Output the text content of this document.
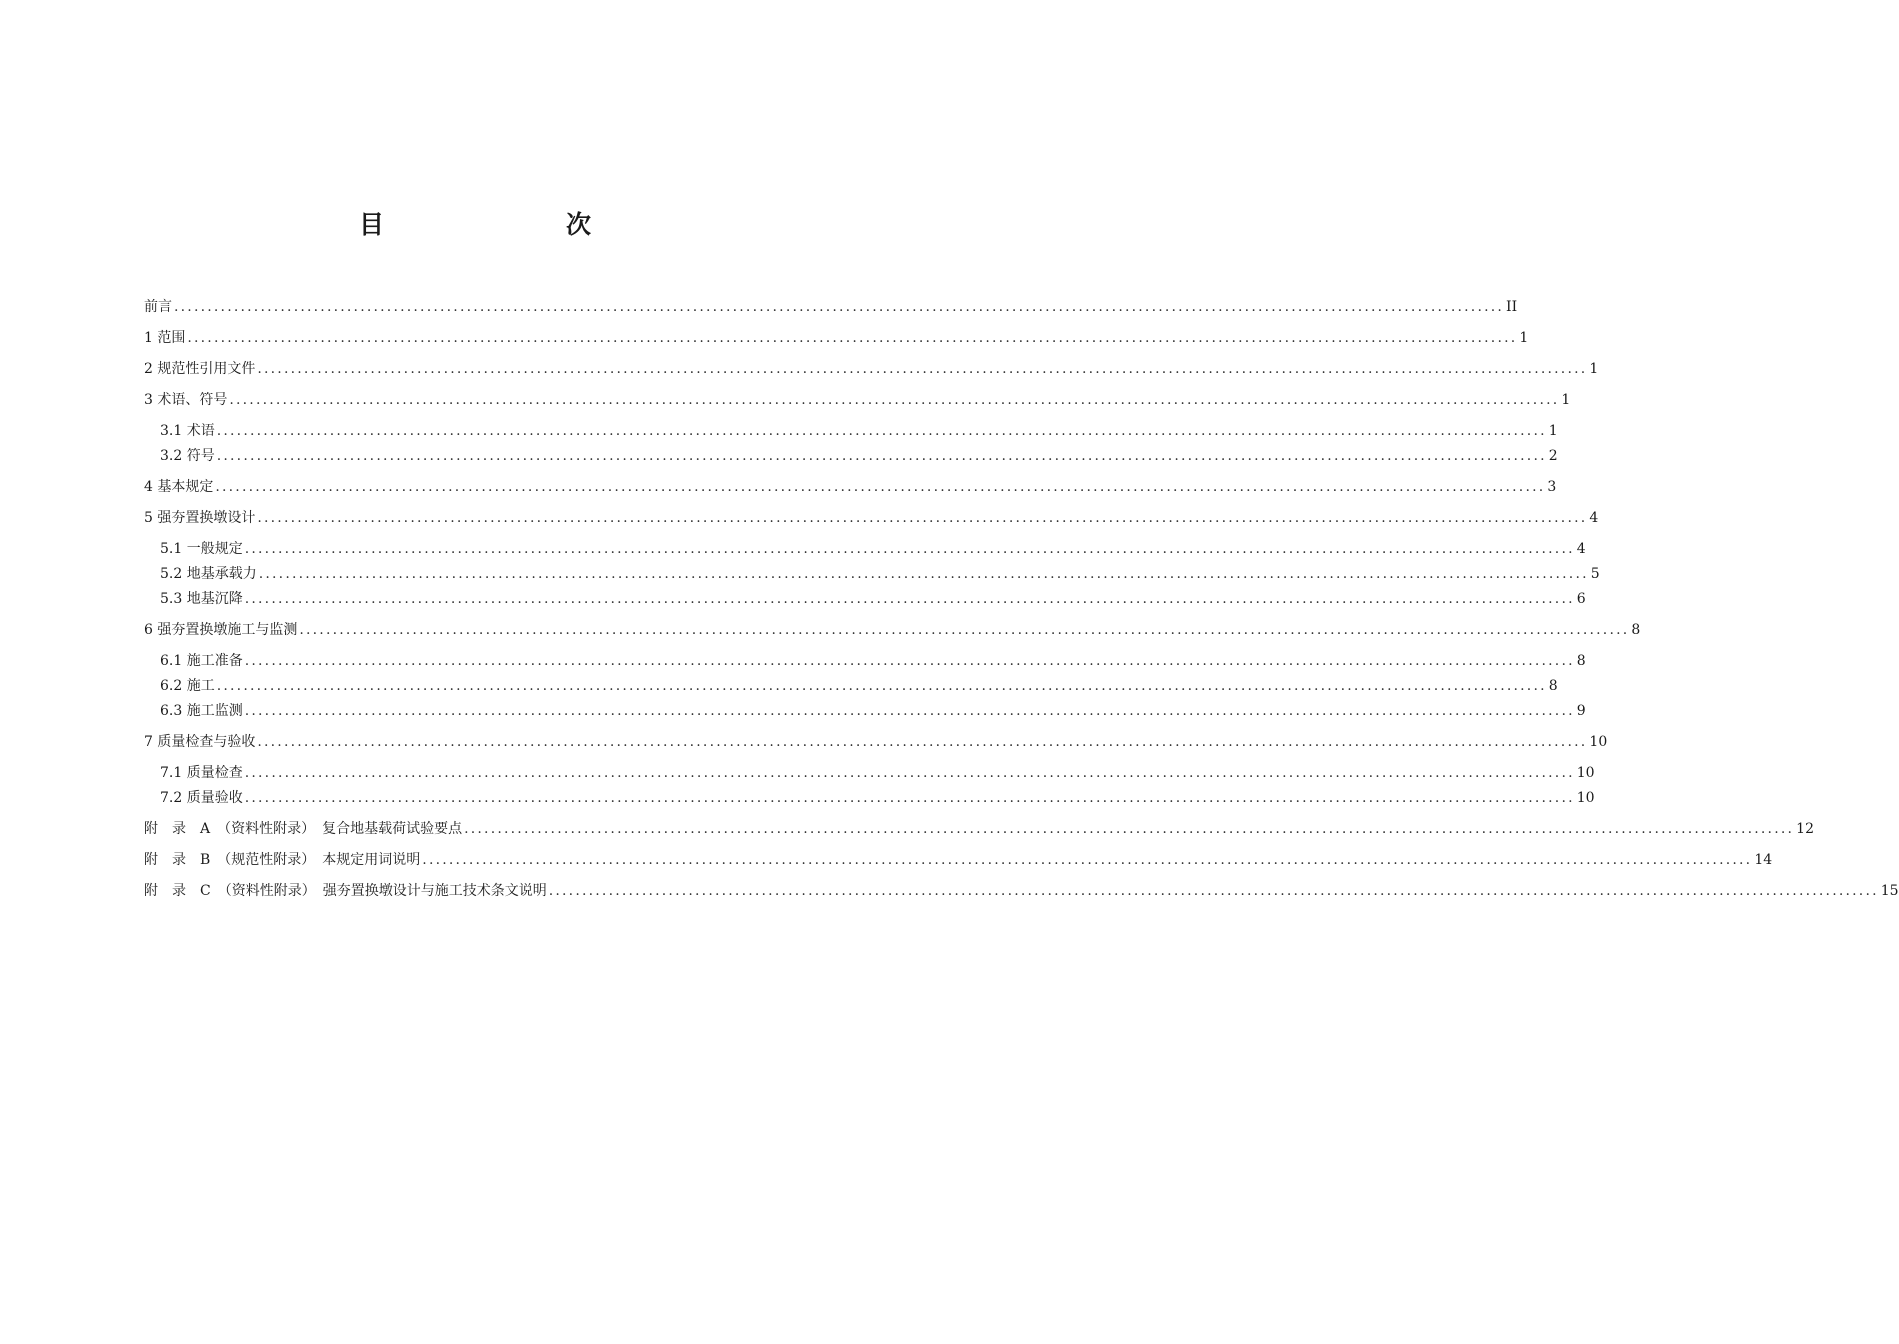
目　　次
前言 ........................................................................................................................................................................................................ II
1 范围 ........................................................................................................................................................................................................ 1
2 规范性引用文件 ........................................................................................................................................................................................................ 1
3 术语、符号 ........................................................................................................................................................................................................ 1
3.1 术语 ........................................................................................................................................................................................................ 1
3.2 符号 ........................................................................................................................................................................................................ 2
4 基本规定 ........................................................................................................................................................................................................ 3
5 强夯置换墩设计 ........................................................................................................................................................................................................ 4
5.1 一般规定 ........................................................................................................................................................................................................ 4
5.2 地基承载力 ........................................................................................................................................................................................................ 5
5.3 地基沉降 ........................................................................................................................................................................................................ 6
6 强夯置换墩施工与监测 ........................................................................................................................................................................................................ 8
6.1 施工准备 ........................................................................................................................................................................................................ 8
6.2 施工 ........................................................................................................................................................................................................ 8
6.3 施工监测 ........................................................................................................................................................................................................ 9
7 质量检查与验收 ........................................................................................................................................................................................................ 10
7.1 质量检查 ........................................................................................................................................................................................................ 10
7.2 质量验收 ........................................................................................................................................................................................................ 10
附　录　A　（资料性附录）　复合地基载荷试验要点 ........................................................................................................................................................................................................ 12
附　录　B　（规范性附录）　本规定用词说明 ........................................................................................................................................................................................................ 14
附　录　C　（资料性附录）　强夯置换墩设计与施工技术条文说明 ........................................................................................................................................................................................................ 15
